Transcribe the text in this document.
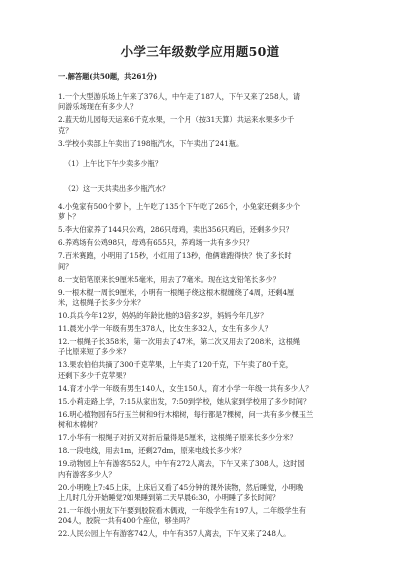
小学三年级数学应用题50道
一.解答题(共50题，共261分)
1.一个大型游乐场上午来了376人，中午走了187人，下午又来了258人，请
问游乐场现在有多少人？
2.蓝天幼儿园每天运来6千克水果，一个月（按31天算）共运来水果多少千
克？
3.学校小卖部上午卖出了198瓶汽水，下午卖出了241瓶。
（1）上午比下午少卖多少瓶？
（2）这一天共卖出多少瓶汽水？
4.小兔家有500个萝卜，上午吃了135个下午吃了265个，小兔家还剩多少个
萝卜？
5.李大伯家养了144只公鸡，286只母鸡，卖出356只鸡后，还剩多少只？
6.养鸡场有公鸡98只，母鸡有655只，养鸡场一共有多少只？
7.百米赛跑，小明用了15秒，小红用了13秒，他俩谁跑得快？快了多长时
间？
8.一支铅笔原来长9厘米5毫米，用去了7毫米。现在这支铅笔长多少？
9.一根木棍一周长9厘米，小明有一根绳子绕这根木棍缠绕了4周，还剩4厘
米，这根绳子长多少分米？
10.兵兵今年12岁，妈妈的年龄比他的3倍多2岁，妈妈今年几岁？
11.晨光小学一年级有男生378人，比女生多32人，女生有多少人？
12.一根绳子长358米，第一次用去了47米，第二次又用去了208米，这根绳
子比原来短了多少米？
13.果农伯伯共摘了300千克苹果，上午卖了120千克，下午卖了80千克，
还剩下多少千克苹果？
14.育才小学一年级有男生140人，女生150人，育才小学一年级一共有多少人？
15.小莉走路上学，7:15从家出发，7:50到学校，她从家到学校用了多少时间？
16.明心植物园有5行玉兰树和9行木棉树，每行都是7棵树，问一共有多少棵玉兰
树和木棉树？
17.小华有一根绳子对折又对折后量得是5厘米，这根绳子原来长多少分米？
18.一段电线，用去1m，还剩27dm，原来电线长多少米？
19.动物园上午有游客552人，中午有272人离去，下午又来了308人，这时园
内有游客多少人？
20.小明晚上7:45上床，上床后又看了45分钟的课外读物，然后睡觉，小明晚
上几时几分开始睡觉?如果睡到第二天早晨6:30，小明睡了多长时间？
21.一年级小朋友下午要到胶院看木偶戏，一年级学生有197人，二年级学生有
204人，胶院一共有400个座位，够坐吗？
22.人民公园上午有游客742人，中午有357人离去，下午又来了248人。
